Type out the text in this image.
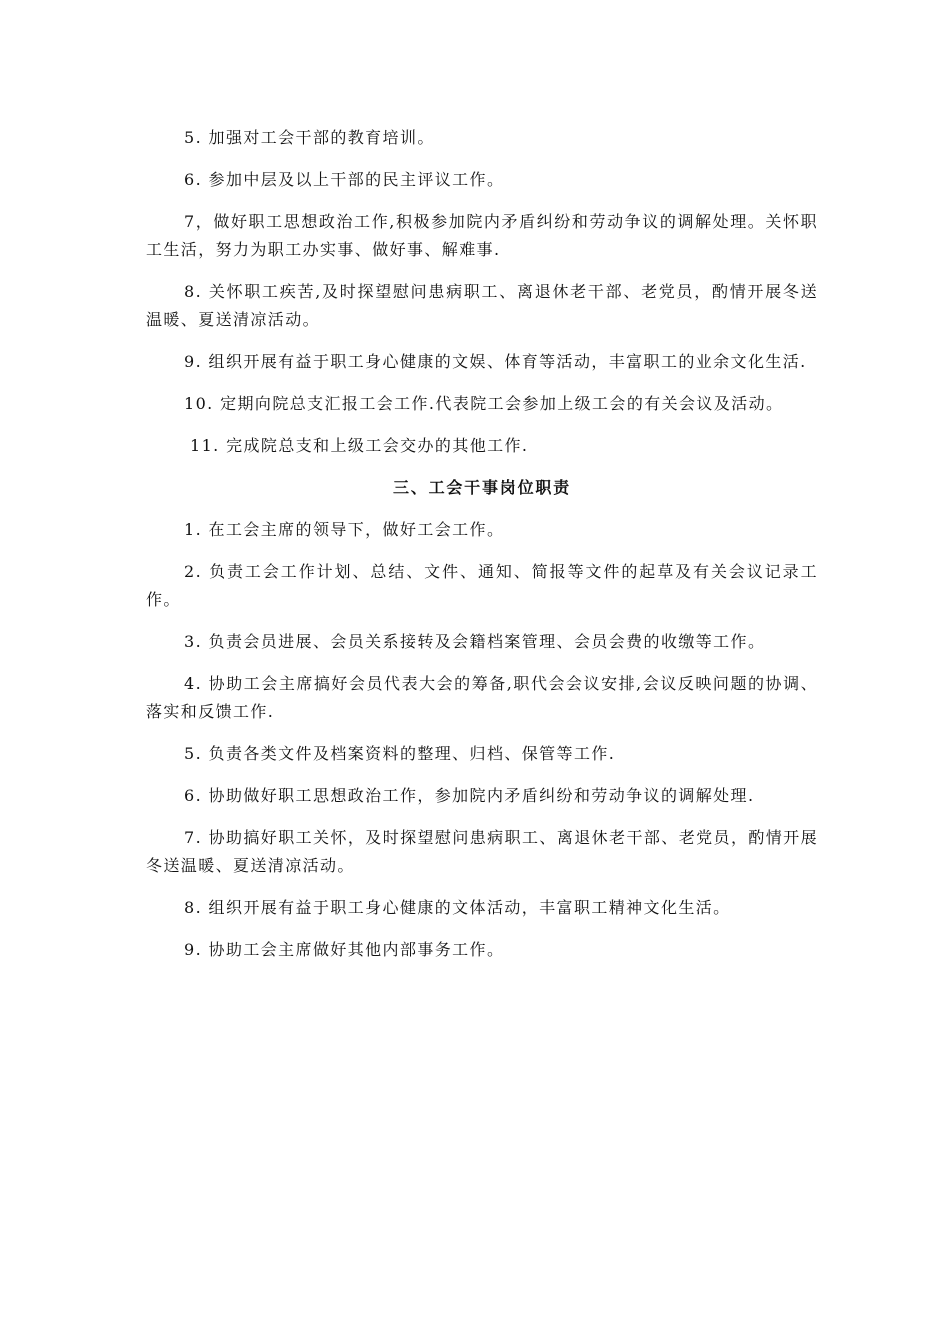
5. 加强对工会干部的教育培训。

6. 参加中层及以上干部的民主评议工作。

7，做好职工思想政治工作,积极参加院内矛盾纠纷和劳动争议的调解处理。关怀职工生活，努力为职工办实事、做好事、解难事.

8. 关怀职工疾苦,及时探望慰问患病职工、离退休老干部、老党员，酌情开展冬送温暖、夏送清凉活动。

9. 组织开展有益于职工身心健康的文娱、体育等活动，丰富职工的业余文化生活.

10. 定期向院总支汇报工会工作.代表院工会参加上级工会的有关会议及活动。

11. 完成院总支和上级工会交办的其他工作.

三、工会干事岗位职责

1. 在工会主席的领导下，做好工会工作。

2. 负责工会工作计划、总结、文件、通知、简报等文件的起草及有关会议记录工作。

3. 负责会员进展、会员关系接转及会籍档案管理、会员会费的收缴等工作。

4. 协助工会主席搞好会员代表大会的筹备,职代会会议安排,会议反映问题的协调、落实和反馈工作.

5. 负责各类文件及档案资料的整理、归档、保管等工作.

6. 协助做好职工思想政治工作，参加院内矛盾纠纷和劳动争议的调解处理.

7. 协助搞好职工关怀，及时探望慰问患病职工、离退休老干部、老党员，酌情开展冬送温暖、夏送清凉活动。

8. 组织开展有益于职工身心健康的文体活动，丰富职工精神文化生活。

9. 协助工会主席做好其他内部事务工作。
